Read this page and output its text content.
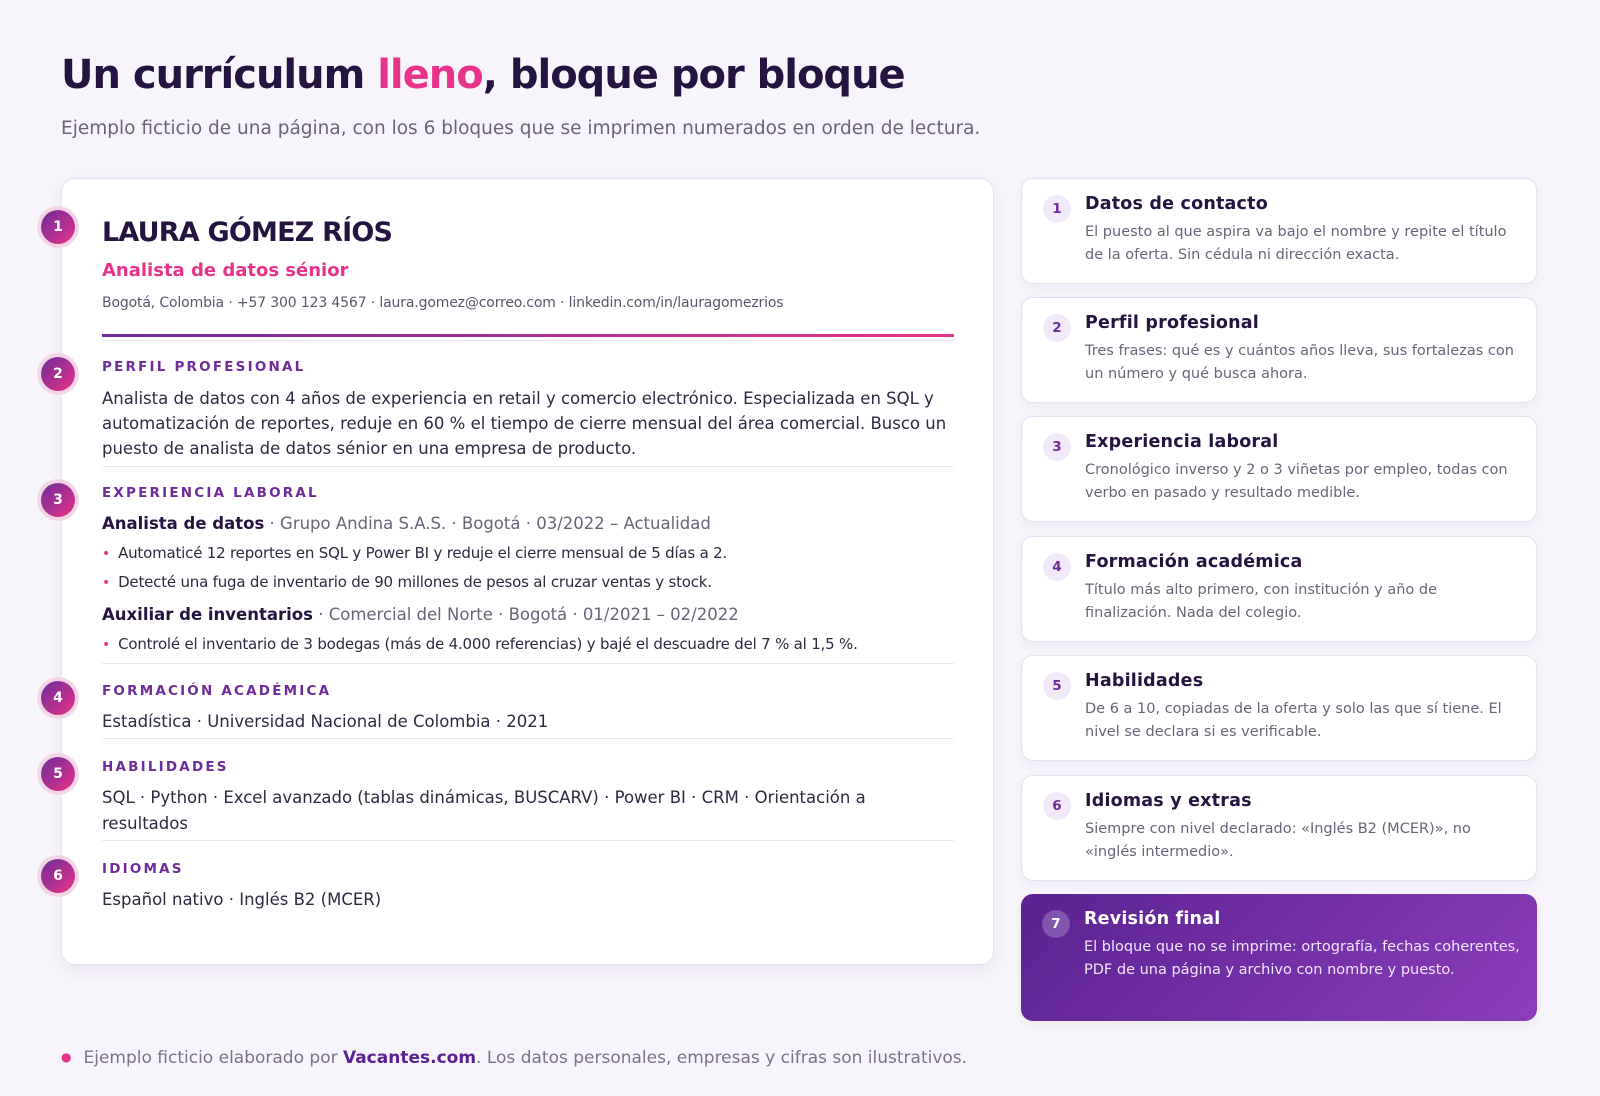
Un currículum lleno, bloque por bloque

Ejemplo ficticio de una página, con los 6 bloques que se imprimen numerados en orden de lectura.

1	LAURA GÓMEZ RÍOS
Analista de datos sénior
Bogotá, Colombia · +57 300 123 4567 · laura.gomez@correo.com · linkedin.com/in/lauragomezrios
2	PERFIL PROFESIONAL
Analista de datos con 4 años de experiencia en retail y comercio electrónico. Especializada en SQL y automatización de reportes, reduje en 60 % el tiempo de cierre mensual del área comercial. Busco un puesto de analista de datos sénior en una empresa de producto.
3	EXPERIENCIA LABORAL
Analista de datos · Grupo Andina S.A.S. · Bogotá · 03/2022 – Actualidad
• Automaticé 12 reportes en SQL y Power BI y reduje el cierre mensual de 5 días a 2.
• Detecté una fuga de inventario de 90 millones de pesos al cruzar ventas y stock.
Auxiliar de inventarios · Comercial del Norte · Bogotá · 01/2021 – 02/2022
• Controlé el inventario de 3 bodegas (más de 4.000 referencias) y bajé el descuadre del 7 % al 1,5 %.
4	FORMACIÓN ACADÉMICA
Estadística · Universidad Nacional de Colombia · 2021
5	HABILIDADES
SQL · Python · Excel avanzado (tablas dinámicas, BUSCARV) · Power BI · CRM · Orientación a resultados
6	IDIOMAS
Español nativo · Inglés B2 (MCER)
1	Datos de contacto
El puesto al que aspira va bajo el nombre y repite el título de la oferta. Sin cédula ni dirección exacta.
2	Perfil profesional
Tres frases: qué es y cuántos años lleva, sus fortalezas con un número y qué busca ahora.
3	Experiencia laboral
Cronológico inverso y 2 o 3 viñetas por empleo, todas con verbo en pasado y resultado medible.
4	Formación académica
Título más alto primero, con institución y año de finalización. Nada del colegio.
5	Habilidades
De 6 a 10, copiadas de la oferta y solo las que sí tiene. El nivel se declara si es verificable.
6	Idiomas y extras
Siempre con nivel declarado: «Inglés B2 (MCER)», no «inglés intermedio».
7	Revisión final
El bloque que no se imprime: ortografía, fechas coherentes, PDF de una página y archivo con nombre y puesto.

● Ejemplo ficticio elaborado por Vacantes.com. Los datos personales, empresas y cifras son ilustrativos.
